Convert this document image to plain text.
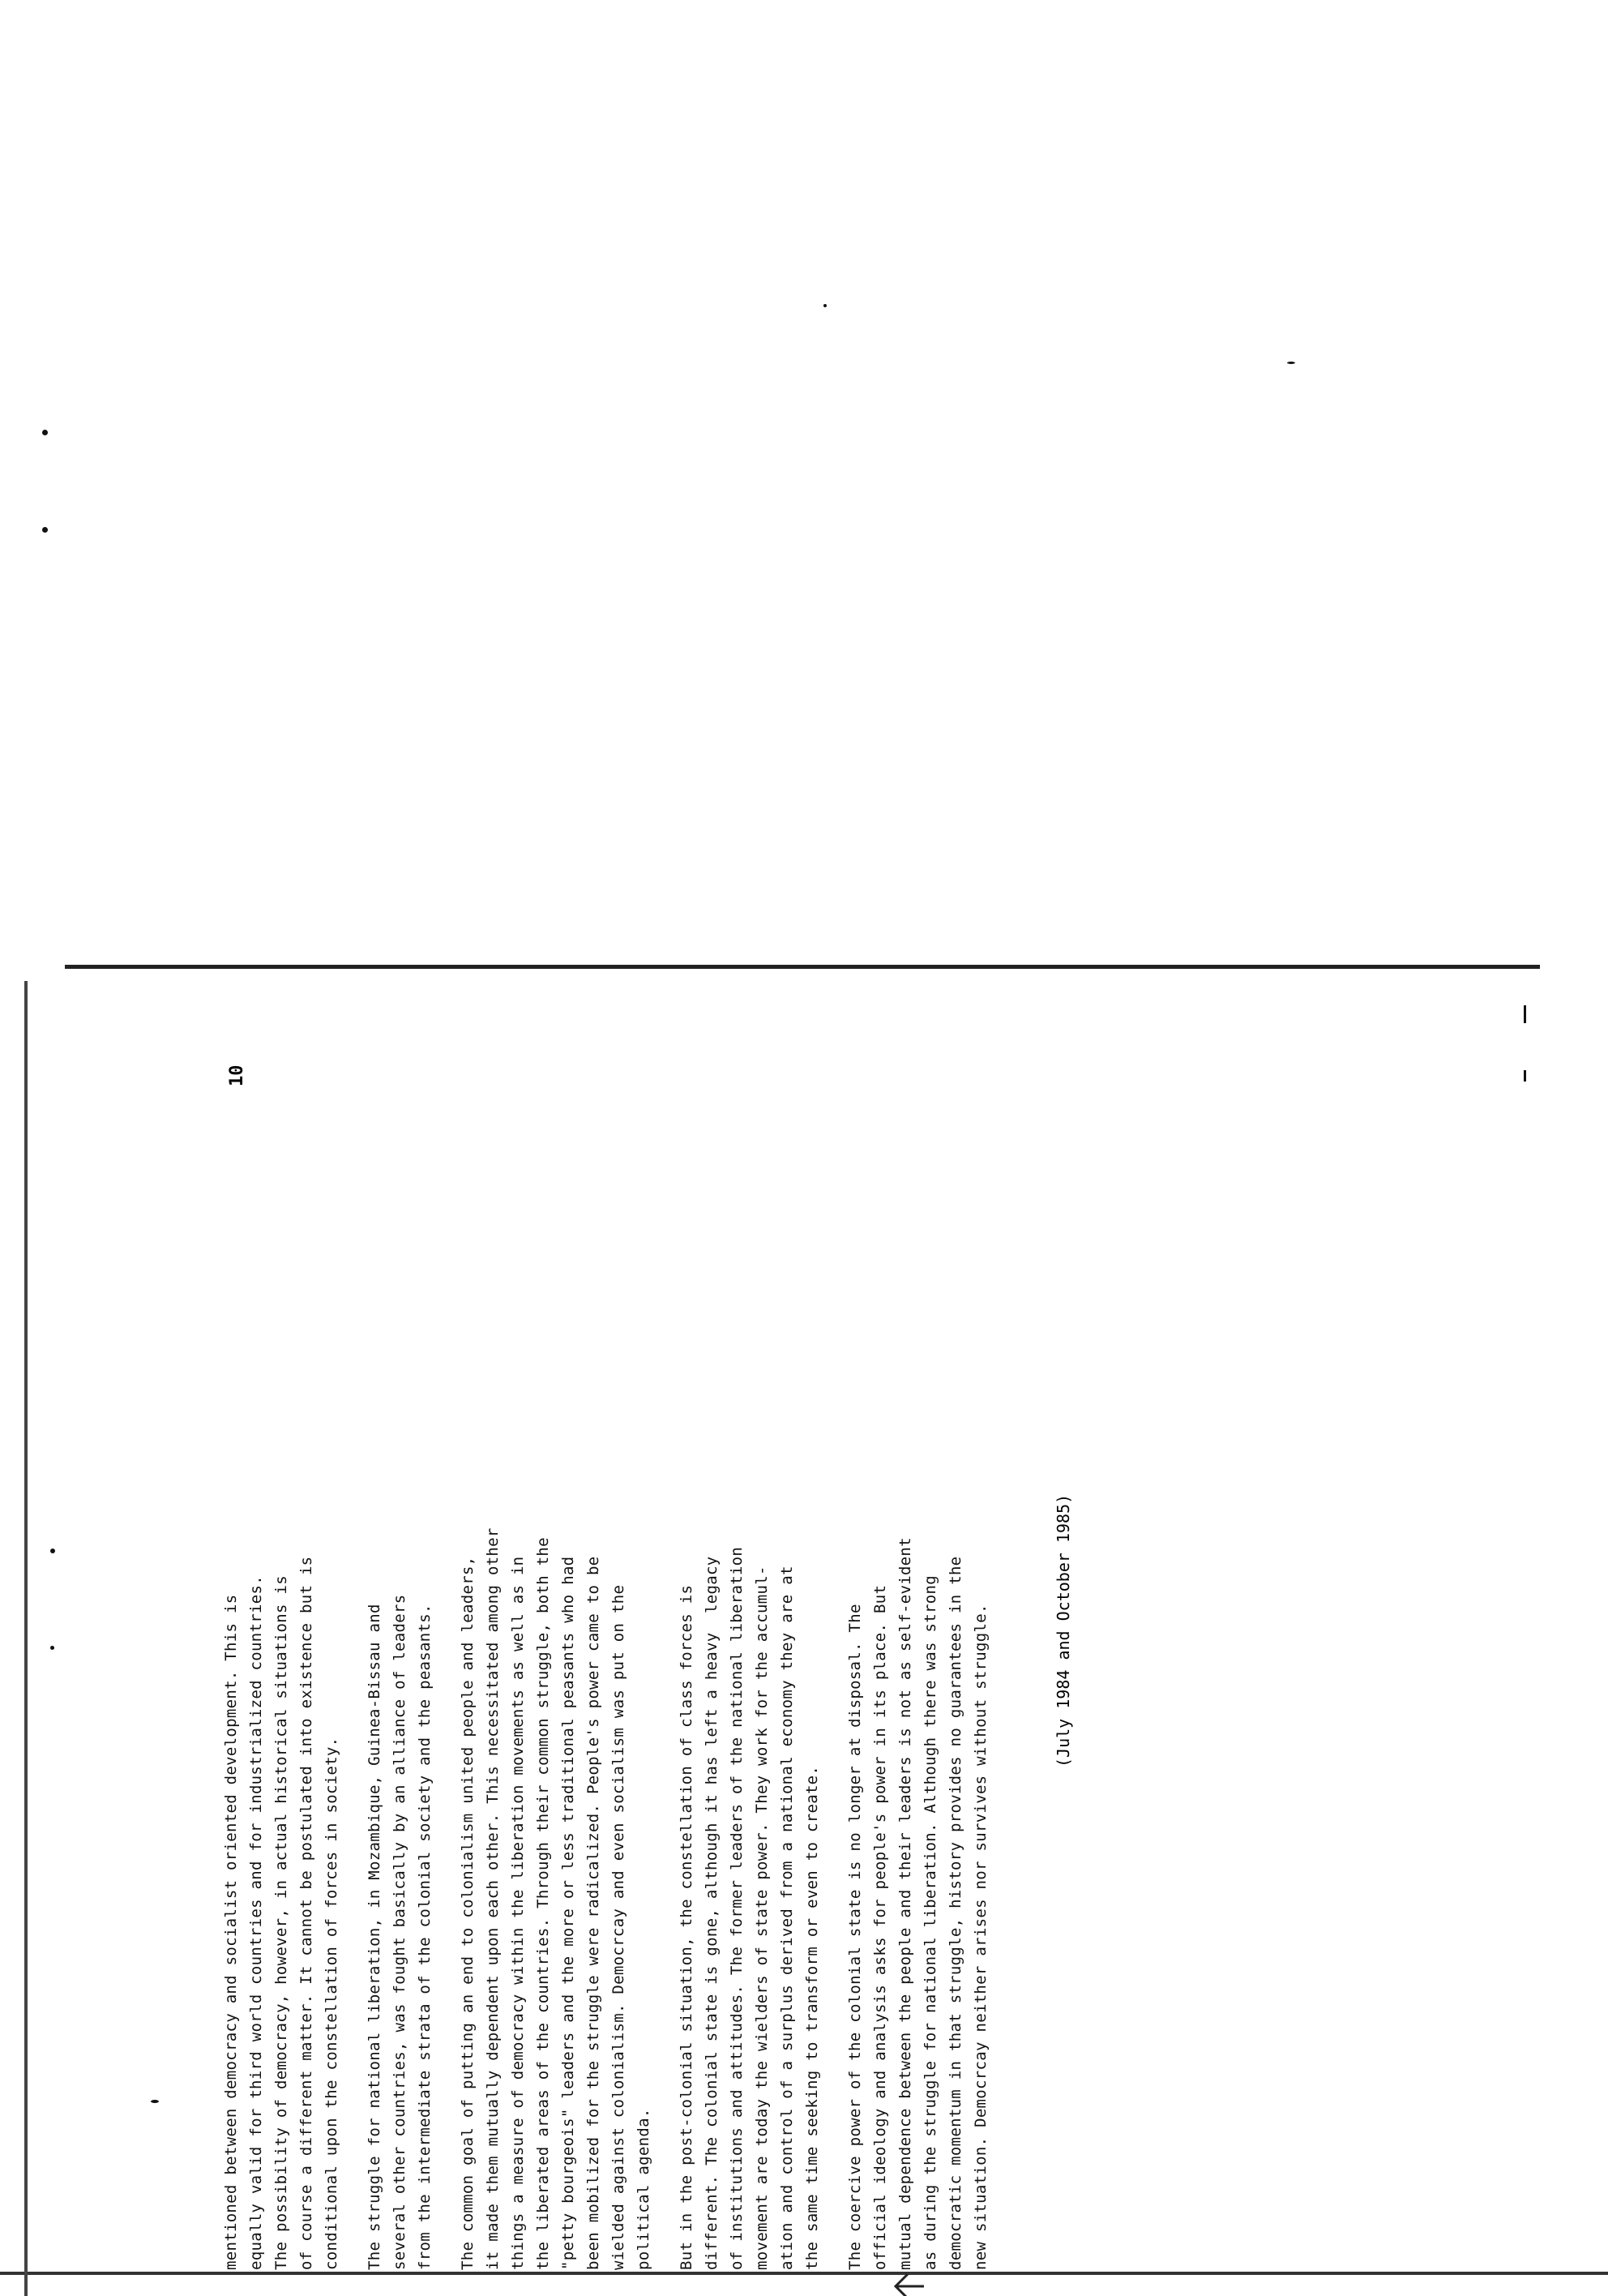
10
mentioned between democracy and socialist oriented development. This is equally valid for third world countries and for industrialized countries. The possibility of democracy, however, in actual historical situations is of course a different matter. It cannot be postulated into existence but is conditional upon the constellation of forces in society. The struggle for national liberation, in Mozambique, Guinea-Bissau and several other countries, was fought basically by an alliance of leaders from the intermediate strata of the colonial society and the peasants. The common goal of putting an end to colonialism united people and leaders, it made them mutually dependent upon each other. This necessitated among other things a measure of democracy within the liberation movements as well as in the liberated areas of the countries. Through their common struggle, both the "petty bourgeois" leaders and the more or less traditional peasants who had been mobilized for the struggle were radicalized. People's power came to be wielded against colonialism. Democrcay and even socialism was put on the political agenda. But in the post-colonial situation, the constellation of class forces is different. The colonial state is gone, although it has left a heavy  legacy of institutions and attitudes. The former leaders of the national liberation movement are today the wielders of state power. They work for the accumul- ation and control of a surplus derived from a national economy they are at the same time seeking to transform or even to create. The coercive power of the colonial state is no longer at disposal. The official ideology and analysis asks for people's power in its place. But mutual dependence between the people and their leaders is not as self-evident as during the struggle for national liberation. Although there was strong democratic momentum in that struggle, history provides no guarantees in the new situation. Democrcay neither arises nor survives without struggle.	(July 1984 and October 1985)
